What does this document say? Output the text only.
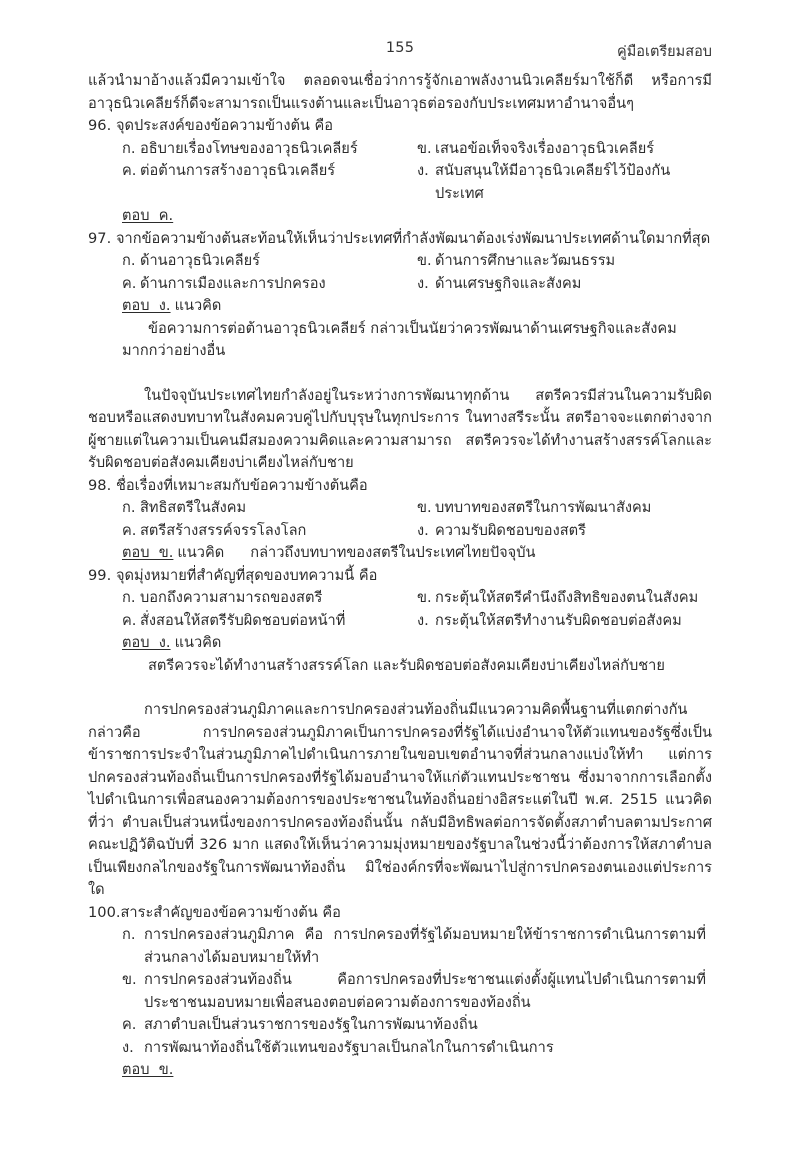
155	คู่มือเตรียมสอบ

แล้วนำมาอ้างแล้วมีความเข้าใจ ตลอดจนเชื่อว่าการรู้จักเอาพลังงานนิวเคลียร์มาใช้ก็ดี หรือการมีอาวุธนิวเคลียร์ก็ดีจะสามารถเป็นแรงต้านและเป็นอาวุธต่อรองกับประเทศมหาอำนาจอื่นๆ

96. จุดประสงค์ของข้อความข้างต้น คือ
ก. อธิบายเรื่องโทษของอาวุธนิวเคลียร์	ข. เสนอข้อเท็จจริงเรื่องอาวุธนิวเคลียร์
ค. ต่อต้านการสร้างอาวุธนิวเคลียร์	ง. สนับสนุนให้มีอาวุธนิวเคลียร์ไว้ป้องกันประเทศ
ตอบ  ค.
97. จากข้อความข้างต้นสะท้อนให้เห็นว่าประเทศที่กำลังพัฒนาต้องเร่งพัฒนาประเทศด้านใดมากที่สุด
ก. ด้านอาวุธนิวเคลียร์	ข. ด้านการศึกษาและวัฒนธรรม
ค. ด้านการเมืองและการปกครอง	ง. ด้านเศรษฐกิจและสังคม
ตอบ  ง. แนวคิด
ข้อความการต่อต้านอาวุธนิวเคลียร์ กล่าวเป็นนัยว่าควรพัฒนาด้านเศรษฐกิจและสังคม
มากกว่าอย่างอื่น

ในปัจจุบันประเทศไทยกำลังอยู่ในระหว่างการพัฒนาทุกด้าน สตรีควรมีส่วนในความรับผิดชอบหรือแสดงบทบาทในสังคมควบคู่ไปกับบุรุษในทุกประการ ในทางสรีระนั้น สตรีอาจจะแตกต่างจากผู้ชายแต่ในความเป็นคนมีสมองความคิดและความสามารถ สตรีควรจะได้ทำงานสร้างสรรค์โลกและรับผิดชอบต่อสังคมเคียงบ่าเคียงไหล่กับชาย

98. ชื่อเรื่องที่เหมาะสมกับข้อความข้างต้นคือ
ก. สิทธิสตรีในสังคม	ข. บทบาทของสตรีในการพัฒนาสังคม
ค. สตรีสร้างสรรค์จรรโลงโลก	ง. ความรับผิดชอบของสตรี
ตอบ  ข. แนวคิด กล่าวถึงบทบาทของสตรีในประเทศไทยปัจจุบัน
99. จุดมุ่งหมายที่สำคัญที่สุดของบทความนี้ คือ
ก. บอกถึงความสามารถของสตรี	ข. กระตุ้นให้สตรีคำนึงถึงสิทธิของตนในสังคม
ค. สั่งสอนให้สตรีรับผิดชอบต่อหน้าที่	ง. กระตุ้นให้สตรีทำงานรับผิดชอบต่อสังคม
ตอบ  ง. แนวคิด
สตรีควรจะได้ทำงานสร้างสรรค์โลก และรับผิดชอบต่อสังคมเคียงบ่าเคียงไหล่กับชาย

การปกครองส่วนภูมิภาคและการปกครองส่วนท้องถิ่นมีแนวความคิดพื้นฐานที่แตกต่างกัน กล่าวคือ การปกครองส่วนภูมิภาคเป็นการปกครองที่รัฐได้แบ่งอำนาจให้ตัวแทนของรัฐซึ่งเป็นข้าราชการประจำในส่วนภูมิภาคไปดำเนินการภายในขอบเขตอำนาจที่ส่วนกลางแบ่งให้ทำ แต่การปกครองส่วนท้องถิ่นเป็นการปกครองที่รัฐได้มอบอำนาจให้แก่ตัวแทนประชาชน ซึ่งมาจากการเลือกตั้งไปดำเนินการเพื่อสนองความต้องการของประชาชนในท้องถิ่นอย่างอิสระแต่ในปี พ.ศ. 2515 แนวคิดที่ว่า ตำบลเป็นส่วนหนึ่งของการปกครองท้องถิ่นนั้น กลับมีอิทธิพลต่อการจัดตั้งสภาตำบลตามประกาศคณะปฏิวัติฉบับที่ 326 มาก แสดงให้เห็นว่าความมุ่งหมายของรัฐบาลในช่วงนี้ว่าต้องการให้สภาตำบลเป็นเพียงกลไกของรัฐในการพัฒนาท้องถิ่น มิใช่องค์กรที่จะพัฒนาไปสู่การปกครองตนเองแต่ประการใด

100. สาระสำคัญของข้อความข้างต้น คือ
ก. การปกครองส่วนภูมิภาค คือ การปกครองที่รัฐได้มอบหมายให้ข้าราชการดำเนินการตามที่ส่วนกลางได้มอบหมายให้ทำ
ข. การปกครองส่วนท้องถิ่น คือการปกครองที่ประชาชนแต่งตั้งผู้แทนไปดำเนินการตามที่ประชาชนมอบหมายเพื่อสนองตอบต่อความต้องการของท้องถิ่น
ค. สภาตำบลเป็นส่วนราชการของรัฐในการพัฒนาท้องถิ่น
ง. การพัฒนาท้องถิ่นใช้ตัวแทนของรัฐบาลเป็นกลไกในการดำเนินการ
ตอบ  ข.
